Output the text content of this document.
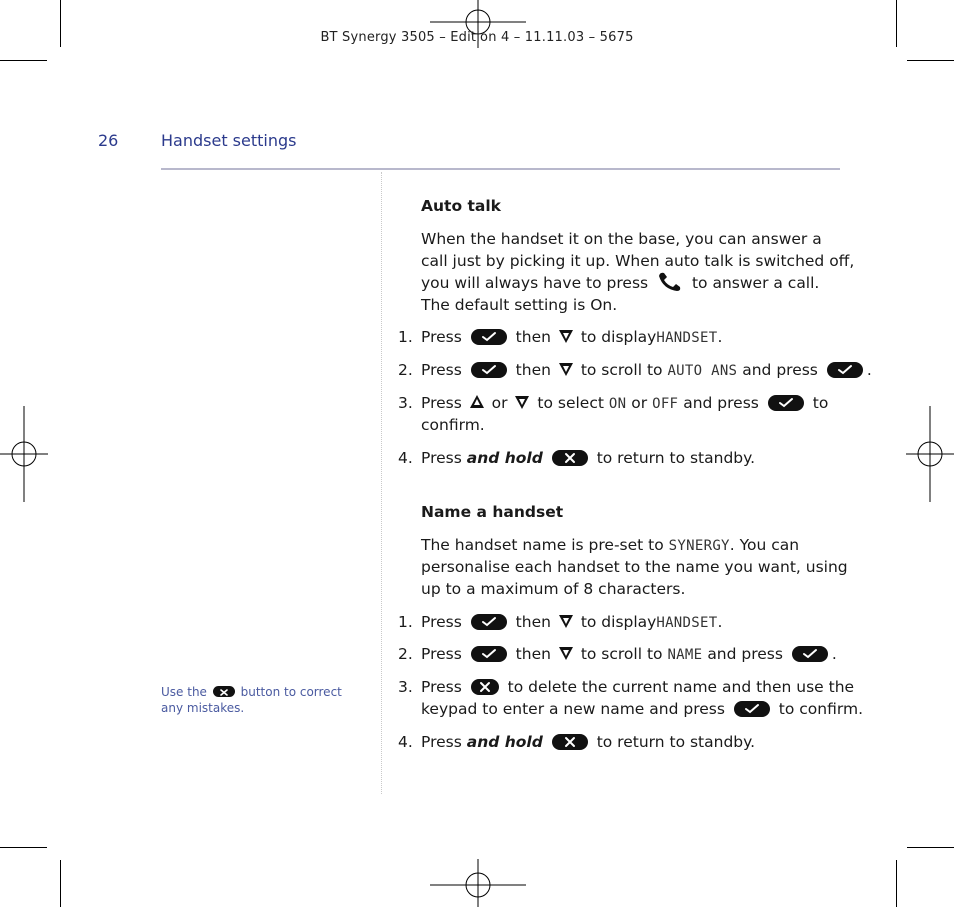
BT Synergy 3505 – Edition 4 – 11.11.03 – 5675
26	Handset settings
Use the	button to correct any mistakes.
Auto talk
When the handset it on the base, you can answer a
call just by picking it up. When auto talk is switched off,
you will always have to press	to answer a call.
The default setting is On.
1. Press	then to displayHANDSET.
2. Press	then to scroll to AUTO ANS and press	.
3. Press or to select ON or OFF and press	to
confirm.
4. Press and hold	to return to standby.
Name a handset
The handset name is pre-set to SYNERGY. You can
personalise each handset to the name you want, using
up to a maximum of 8 characters.
1. Press	then to displayHANDSET.
2. Press	then to scroll to NAME and press	.
3. Press	to delete the current name and then use the
keypad to enter a new name and press	to confirm.
4. Press and hold	to return to standby.
